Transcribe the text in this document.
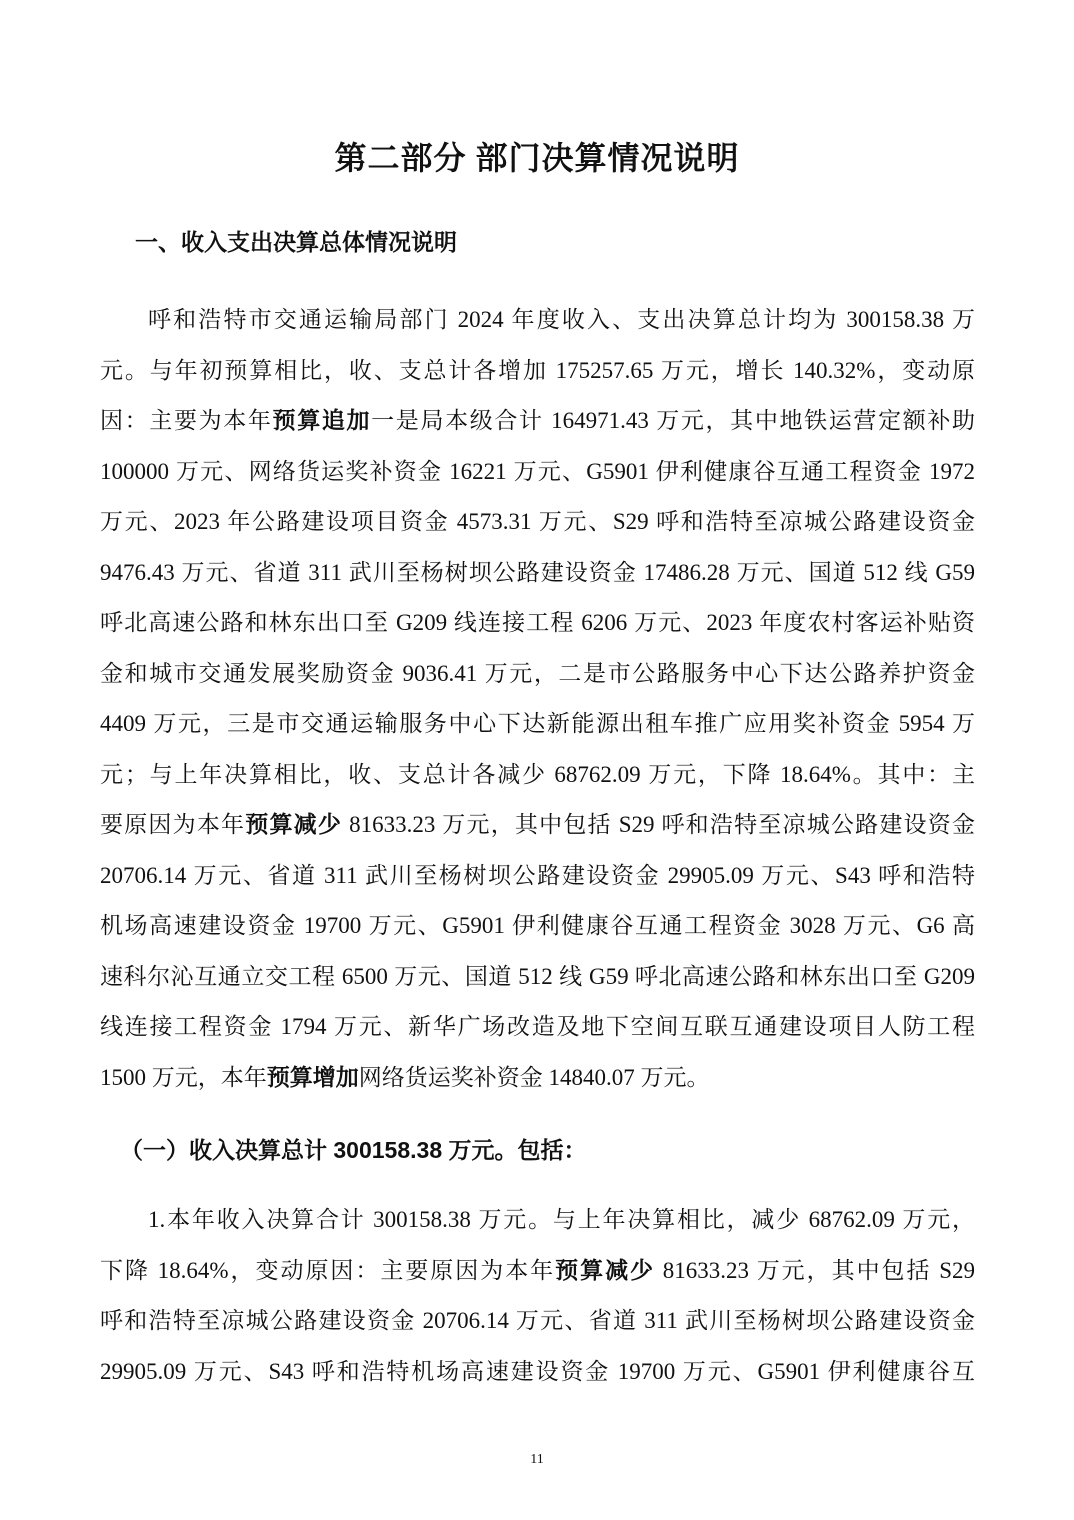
第二部分 部门决算情况说明
一、收入支出决算总体情况说明
呼和浩特市交通运输局部门 2024 年度收入、支出决算总计均为 300158.38 万
元。与年初预算相比，收、支总计各增加 175257.65 万元，增长 140.32%，变动原
因：主要为本年预算追加一是局本级合计 164971.43 万元，其中地铁运营定额补助
100000 万元、网络货运奖补资金 16221 万元、G5901 伊利健康谷互通工程资金 1972
万元、2023 年公路建设项目资金 4573.31 万元、S29 呼和浩特至凉城公路建设资金
9476.43 万元、省道 311 武川至杨树坝公路建设资金 17486.28 万元、国道 512 线 G59
呼北高速公路和林东出口至 G209 线连接工程 6206 万元、2023 年度农村客运补贴资
金和城市交通发展奖励资金 9036.41 万元，二是市公路服务中心下达公路养护资金
4409 万元，三是市交通运输服务中心下达新能源出租车推广应用奖补资金 5954 万
元；与上年决算相比，收、支总计各减少 68762.09 万元，下降 18.64%。其中：主
要原因为本年预算减少 81633.23 万元，其中包括 S29 呼和浩特至凉城公路建设资金
20706.14 万元、省道 311 武川至杨树坝公路建设资金 29905.09 万元、S43 呼和浩特
机场高速建设资金 19700 万元、G5901 伊利健康谷互通工程资金 3028 万元、G6 高
速科尔沁互通立交工程 6500 万元、国道 512 线 G59 呼北高速公路和林东出口至 G209
线连接工程资金 1794 万元、新华广场改造及地下空间互联互通建设项目人防工程
1500 万元，本年预算增加网络货运奖补资金 14840.07 万元。
（一）收入决算总计 300158.38 万元。包括：
1.本年收入决算合计 300158.38 万元。与上年决算相比，减少 68762.09 万元，
下降 18.64%，变动原因：主要原因为本年预算减少 81633.23 万元，其中包括 S29
呼和浩特至凉城公路建设资金 20706.14 万元、省道 311 武川至杨树坝公路建设资金
29905.09 万元、S43 呼和浩特机场高速建设资金 19700 万元、G5901 伊利健康谷互
11
